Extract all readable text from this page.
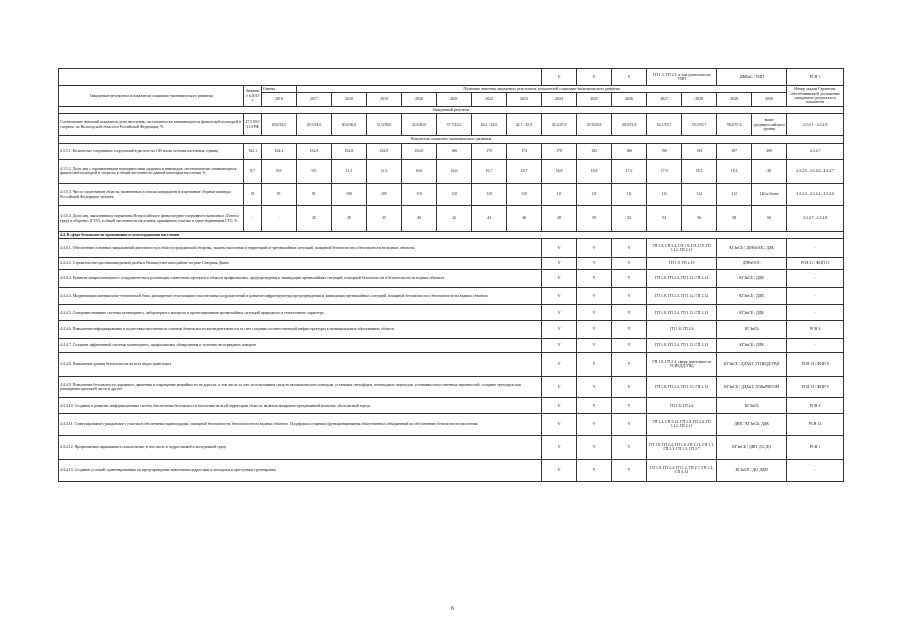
										V	V	V	ГП 1.3, ГП 2.3, в том деятельности УНП		ДФКиС / УИП		РСН 1
Ожидаемые результаты и показатели социально-экономического развития	Значение в 2015 г.	Оценка	Плановые значения ожидаемых результатов, показателей социально-экономического развития														Номер задачи Стратегии, обеспечивающей достижение ожидаемого результата и показателя
		2016	2017	2018	2019	2020	2021	2022	2023	2024	2025	2026	2027	2028	2029	2030	
Ожидаемый результат																	
Соотношение значений показателя доли населения, систематически занимающегося физической культурой и спортом, по Вологодской области и Российской Федерации, %	27,5 ВО/ 31,9 РФ	28,0/32,0	29,5/34,0	30,0/36,0	31,5/38,0	32,9/40,0	37,7/42,0	40,2 / 44,0	42,7 / 45,9	45,2/47,9	47,6/49,8	49,0/51,8	52,1/53,7	55,5/55,7	58,4/57,6	выше среднероссийского уровня	4.3.4.1 - 4.3.4.8
Показатели социально-экономического развития																	
4.3.5.1. Количество спортивных сооружений в расчете на 100 тысяч человек населения, единиц	162,1	162,4	162,8	162,8	162,9	163,0	166	170	174	178	182	186	190	194	197	209	4.3.4.7
4.3.5.2. Доля лиц с ограниченными возможностями здоровья и инвалидов, систематически занимающихся физической культурой и спортом, в общей численности данной категории населения, %	8,7	8,9	9,9	11,1	12,3	16,6	16,6	16,7	16,7	16,8	16,8	17,2	17,9	18,5	19,1	20	4.3.4.5., 4.3.4.6., 4.3.4.7
4.3.5.3. Число спортсменов области, включенных в списки кандидатов в спортивные сборные команды Российской Федерации, человек	91	91	91	100	105	110	110	110	110	111	111	111	111	112	112	140 и более	4.3.4.3., 4.3.4.4., 4.3.4.6
4.3.5.4. Доля лиц, выполнивших нормативы Всероссийского физкультурно-спортивного комплекса «Готов к труду и обороне» (ГТО), в общей численности населения, принявшего участие в сдаче нормативов ГТО, %	-	-	25	30	35	40	42	44	46	48	50	52	54	56	58	60	4.3.4.7., 4.3.4.8
4.4. В сфере безопасности проживания и самосохранения населения																	
4.4.4.1. Обеспечение основных направлений деятельности в области гражданской обороны, защиты населения и территорий от чрезвычайных ситуаций, пожарной безопасности и безопасности на водных объектах										V	V	V	ГП 1.8, ГП 2.4, ГП 1.9, ГП 2.19, ГП 1.12, ГП 2.12		КГЗиСБ / ДПРиООС, ДДК		-
4.4.4.2. Строительство противопаводковой дамбы в Великоустюгском районе на реке Северная Двина										V	V	V	ГП 1.9, ГП 2.19		ДПРиООС		РСН 21 / ФЦП 11
4.4.4.3. Развитие межрегионального сотрудничества в реализации совместных проектов в области профилактики, предупреждения и ликвидации чрезвычайных ситуаций, пожарной безопасности и безопасности на водных объектах										V	V	V	ГП 1.8, ГП 2.4, ГП 1.12, ГП 2.12		КГЗиСБ / ДДК		-
4.4.4.4. Модернизация материально-технической базы, расширение сети пожарно-спасательных подразделений и развитие инфраструктуры предупреждения и ликвидации чрезвычайных ситуаций, пожарной безопасности и безопасности на водных объектах										V	V	V	ГП 1.8, ГП 2.4, ГП 1.12, ГП 2.12		КГЗиСБ / ДДК		-
4.4.4.5. Совершенствование системы мониторинга, лабораторного контроля и прогнозирования чрезвычайных ситуаций природного и техногенного характера										V	V	V	ГП 1.8, ГП 2.4, ГП 1.12, ГП 2.12		КГЗиСБ / ДДК		-
4.4.4.6. Повышение информирования и подготовки населения по основам безопасности жизнедеятельности за счет создания соответствующей инфраструктуры в муниципальных образованиях области										V	V	V	ГП 1.8, ГП 2.4		КГЗиСБ		РСН 4
4.4.4.7. Создание эффективной системы мониторинга, профилактики, обнаружения и тушения лесотравдных пожаров										V	V	V	ГП 1.8, ГП 2.4, ГП 1.12, ГП 2.12		КГЗиСБ / ДЛК		-
4.4.4.8. Повышение уровня безопасности на всех видах транспорта										V	V	V	ГП 1.8, ГП 2.4, сфере деятельности УГИБДД/УВД		КГЗиСБ / ДДХиТ, УГИБДД/УВД		РСН 13 / ФЦП 9
4.4.4.9. Повышение безопасности дорожного движения и сокращение аварийности на дорогах, в том числе за счет использования средств автоматического контроля, установки светофоров, пешеходных переходов, установки искусственных неровностей, создание тротуаров или расширение проезжей части и другое										V	V	V	ГП 1.8, ГП 2.4, ГП 1.15, ГП 2.15		КГЗиСБ / ДДХиТ, ДЭКиРИОЭМ		РСН 13 / ФЦП 9
4.4.4.10. Создание и развитие информационных систем обеспечения безопасности населения на всей территории области, включая аппаратно-программный комплекс «Безопасный город»										V	V	V	ГП 1.8, ГП 2.4		КГЗиСБ		РСН 4
4.4.4.11. Стимулирование гражданского участия в обеспечении правопорядка, пожарной безопасности, безопасности на водных объектах. Поддержка создания и функционирования общественных объединений по обеспечению безопасности населения										V	V	V	ГП 1.4, ГП 2.14, ГП 1.8, ГП 2.4, ГП 1.12, ГП 2.12		ДВП / КГЗиСБ, ДДК		РСН 12
4.4.4.12. Профилактика наркомании и алкоголизма, в том числе в подростковой и молодежной среде										V	V	V	ГП 1.8, ГП 2.4, ГП 1.4, ГП 2.14, ГП 1.1, ГП 2.2, ГП 1.3, ГП 2.7		КГЗиСБ / ДВП, ДЗ, ДО		РСН 1
4.4.4.13. Создание условий, ориентированных на предупреждение вовлечения подростков и молодежи в преступные группировки										V	V	V	ГП 1.8, ГП 2.4, ГП 1.2, ГП 2.7, ГП 1.4, ГП 2.14		КГЗиСБ / ДО, ДВП		-
6
